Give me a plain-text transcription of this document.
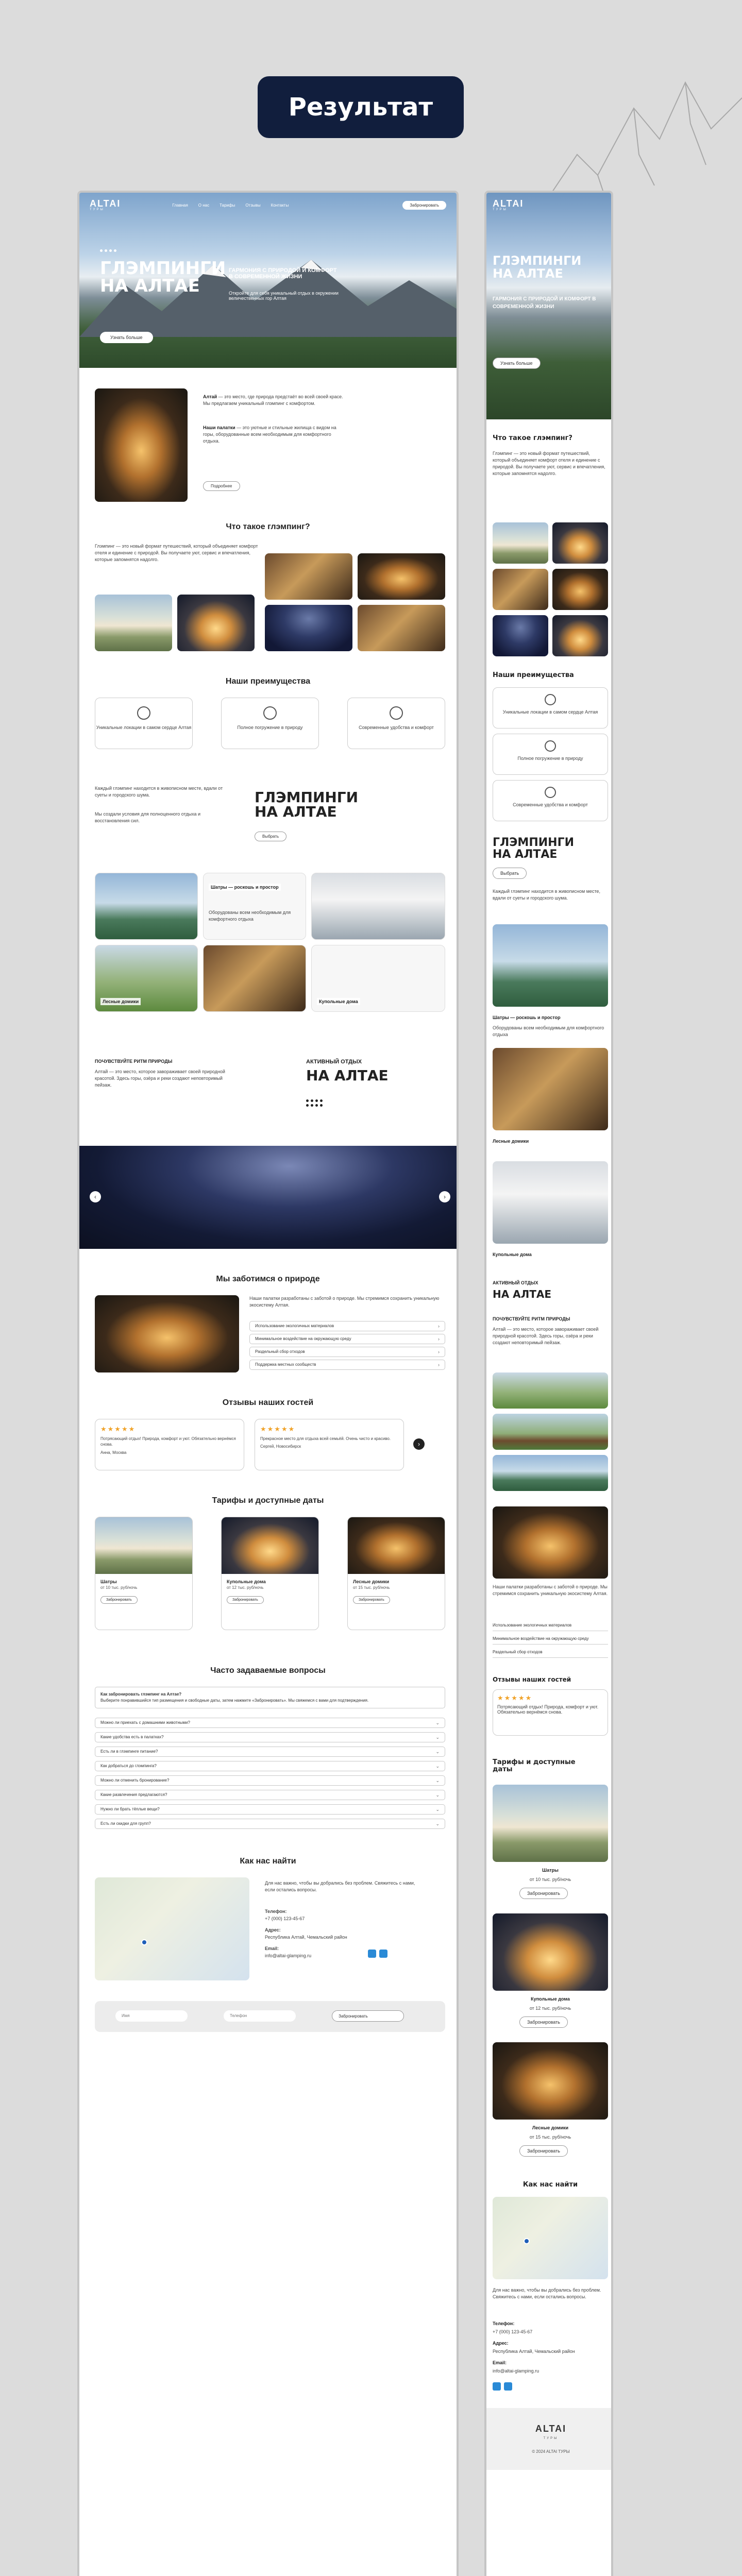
Результат
ALTAI
ТУРЫ
Главная	О нас	Тарифы	Отзывы	Контакты	Забронировать
ГЛЭМПИНГИ
НА АЛТАЕ
ГАРМОНИЯ С ПРИРОДОЙ И КОМФОРТ В СОВРЕМЕННОЙ ЖИЗНИ
Откройте для себя уникальный отдых в окружении величественных гор Алтая
Узнать больше
Алтай — это место, где природа предстаёт во всей своей красе. Мы предлагаем уникальный глэмпинг с комфортом.
Наши палатки — это уютные и стильные жилища с видом на горы, оборудованные всем необходимым для комфортного отдыха.
Подробнее
Что такое глэмпинг?
Глэмпинг — это новый формат путешествий, который объединяет комфорт отеля и единение с природой. Вы получаете уют, сервис и впечатления, которые запомнятся надолго.
Наши преимущества
Уникальные локации в самом сердце Алтая	Полное погружение в природу	Современные удобства и комфорт
Каждый глэмпинг находится в живописном месте, вдали от суеты и городского шума.
Мы создали условия для полноценного отдыха и восстановления сил.
ГЛЭМПИНГИ
НА АЛТАЕ
Выбрать
Шатры — роскошь и простор
Оборудованы всем необходимым для комфортного отдыха
Лесные домики	Купольные дома
ПОЧУВСТВУЙТЕ РИТМ ПРИРОДЫ
Алтай — это место, которое завораживает своей природной красотой. Здесь горы, озёра и реки создают неповторимый пейзаж.
АКТИВНЫЙ ОТДЫХ
НА АЛТАЕ
‹	›
Мы заботимся о природе
Наши палатки разработаны с заботой о природе. Мы стремимся сохранить уникальную экосистему Алтая.
Использование экологичных материалов	›
Минимальное воздействие на окружающую среду	›
Раздельный сбор отходов	›
Поддержка местных сообществ	›
Отзывы наших гостей
★★★★★
Потрясающий отдых! Природа, комфорт и уют. Обязательно вернёмся снова.
Анна, Москва
★★★★★
Прекрасное место для отдыха всей семьёй. Очень чисто и красиво.
Сергей, Новосибирск	›
Тарифы и доступные даты
Шатры
от 10 тыс. руб/ночь
Забронировать
Купольные дома
от 12 тыс. руб/ночь
Забронировать
Лесные домики
от 15 тыс. руб/ночь
Забронировать
Часто задаваемые вопросы
Как забронировать глэмпинг на Алтае?
Выберите понравившийся тип размещения и свободные даты, затем нажмите «Забронировать». Мы свяжемся с вами для подтверждения.
Можно ли приехать с домашними животными?	⌄
Какие удобства есть в палатках?	⌄
Есть ли в глэмпинге питание?	⌄
Как добраться до глэмпинга?	⌄
Можно ли отменить бронирование?	⌄
Какие развлечения предлагаются?	⌄
Нужно ли брать тёплые вещи?	⌄
Есть ли скидки для групп?	⌄
Как нас найти
Для нас важно, чтобы вы добрались без проблем. Свяжитесь с нами, если остались вопросы.
Телефон:
+7 (000) 123-45-67
Адрес:
Республика Алтай, Чемальский район
Email:
info@altai-glamping.ru
Имя	Телефон	Забронировать
ALTAI
ТУРЫ
ГЛЭМПИНГИ НА АЛТАЕ
ГАРМОНИЯ С ПРИРОДОЙ И КОМФОРТ В СОВРЕМЕННОЙ ЖИЗНИ
Узнать больше
Что такое глэмпинг?
Глэмпинг — это новый формат путешествий, который объединяет комфорт отеля и единение с природой. Вы получаете уют, сервис и впечатления, которые запомнятся надолго.
Наши преимущества
Уникальные локации в самом сердце Алтая
Полное погружение в природу
Современные удобства и комфорт
ГЛЭМПИНГИ
НА АЛТАЕ
Выбрать
Каждый глэмпинг находится в живописном месте, вдали от суеты и городского шума.
Шатры — роскошь и простор
Оборудованы всем необходимым для комфортного отдыха
Лесные домики
Купольные дома
АКТИВНЫЙ ОТДЫХ
НА АЛТАЕ
ПОЧУВСТВУЙТЕ РИТМ ПРИРОДЫ
Алтай — это место, которое завораживает своей природной красотой. Здесь горы, озёра и реки создают неповторимый пейзаж.
Наши палатки разработаны с заботой о природе. Мы стремимся сохранить уникальную экосистему Алтая.
Использование экологичных материалов
Минимальное воздействие на окружающую среду
Раздельный сбор отходов
Отзывы наших гостей
★★★★★
Потрясающий отдых! Природа, комфорт и уют. Обязательно вернёмся снова.
Тарифы и доступные даты
Шатры
от 10 тыс. руб/ночь
Забронировать
Купольные дома
от 12 тыс. руб/ночь
Забронировать
Лесные домики
от 15 тыс. руб/ночь
Забронировать
Как нас найти
Для нас важно, чтобы вы добрались без проблем. Свяжитесь с нами, если остались вопросы.
Телефон:
+7 (000) 123-45-67
Адрес:
Республика Алтай, Чемальский район
Email:
info@altai-glamping.ru
ALTAI
ТУРЫ
© 2024 ALTAI ТУРЫ
